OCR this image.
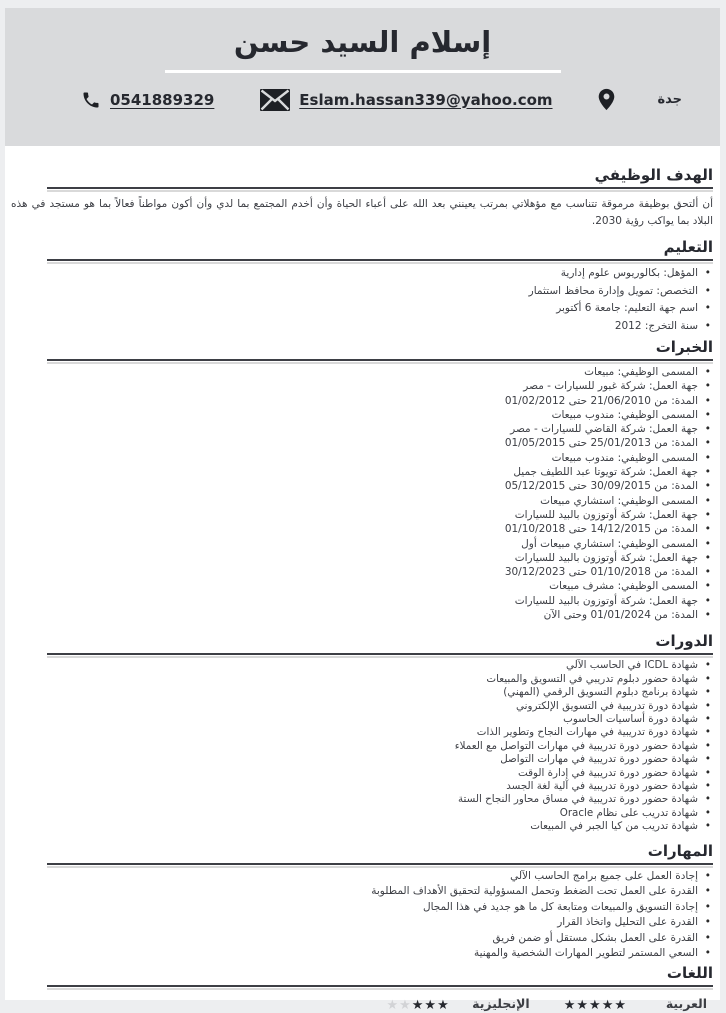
إسلام السيد حسن
0541889329	Eslam.hassan339@yahoo.com	جدة
الهدف الوظيفي

أن ألتحق بوظيفة مرموقة تتناسب مع مؤهلاتي بمرتب يعينني بعد الله على أعباء الحياة وأن أخدم المجتمع بما لدي وأن أكون مواطناً فعالاً بما هو مستجد في هذه البلاد بما يواكب رؤية 2030.

التعليم
• المؤهل: بكالوريوس علوم إدارية
• التخصص: تمويل وإدارة محافظ استثمار
• اسم جهة التعليم: جامعة 6 أكتوبر
• سنة التخرج: 2012
الخبرات
• المسمى الوظيفي: مبيعات
• جهة العمل: شركة غبور للسيارات - مصر
• المدة: من 21/06/2010 حتى 01/02/2012
• المسمى الوظيفي: مندوب مبيعات
• جهة العمل: شركة القاضي للسيارات - مصر
• المدة: من 25/01/2013 حتى 01/05/2015
• المسمى الوظيفي: مندوب مبيعات
• جهة العمل: شركة تويوتا عبد اللطيف جميل
• المدة: من 30/09/2015 حتى 05/12/2015
• المسمى الوظيفي: استشاري مبيعات
• جهة العمل: شركة أوتوزون بالبيد للسيارات
• المدة: من 14/12/2015 حتى 01/10/2018
• المسمى الوظيفي: استشاري مبيعات أول
• جهة العمل: شركة أوتوزون بالبيد للسيارات
• المدة: من 01/10/2018 حتى 30/12/2023
• المسمى الوظيفي: مشرف مبيعات
• جهة العمل: شركة أوتوزون بالبيد للسيارات
• المدة: من 01/01/2024 وحتى الآن
الدورات
• شهادة ICDL في الحاسب الآلي
• شهادة حضور دبلوم تدريبي في التسويق والمبيعات
• شهادة برنامج دبلوم التسويق الرقمي (المهني)
• شهادة دورة تدريبية في التسويق الإلكتروني
• شهادة دورة أساسيات الحاسوب
• شهادة دورة تدريبية في مهارات النجاح وتطوير الذات
• شهادة حضور دورة تدريبية في مهارات التواصل مع العملاء
• شهادة حضور دورة تدريبية في مهارات التواصل
• شهادة حضور دورة تدريبية في إدارة الوقت
• شهادة حضور دورة تدريبية في آلية لغة الجسد
• شهادة حضور دورة تدريبية في مساق محاور النجاح الستة
• شهادة تدريب على نظام Oracle
• شهادة تدريب من كيا الجبر في المبيعات
المهارات
• إجادة العمل على جميع برامج الحاسب الآلي
• القدرة على العمل تحت الضغط وتحمل المسؤولية لتحقيق الأهداف المطلوبة
• إجادة التسويق والمبيعات ومتابعة كل ما هو جديد في هذا المجال
• القدرة على التحليل واتخاذ القرار
• القدرة على العمل بشكل مستقل أو ضمن فريق
• السعي المستمر لتطوير المهارات الشخصية والمهنية
اللغات
العربية
★★★★★
الإنجليزية
★★★★★
